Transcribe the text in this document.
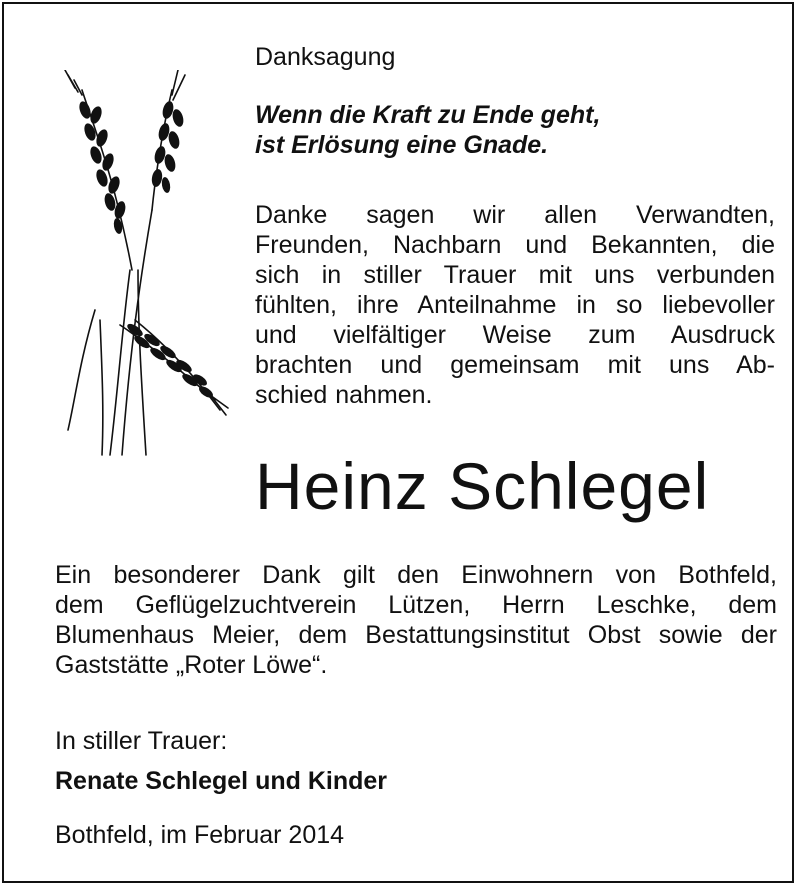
Danksagung
Wenn die Kraft zu Ende geht,
ist Erlösung eine Gnade.
Danke sagen wir allen Verwandten,
Freunden, Nachbarn und Bekannten, die
sich in stiller Trauer mit uns verbunden
fühlten, ihre Anteilnahme in so liebevoller
und vielfältiger Weise zum Ausdruck
brachten und gemeinsam mit uns Ab-
schied nahmen.
Heinz Schlegel
Ein besonderer Dank gilt den Einwohnern von Bothfeld,
dem Geflügelzuchtverein Lützen, Herrn Leschke, dem
Blumenhaus Meier, dem Bestattungsinstitut Obst sowie der
Gaststätte „Roter Löwe“.
In stiller Trauer:
Renate Schlegel und Kinder
Bothfeld, im Februar 2014
